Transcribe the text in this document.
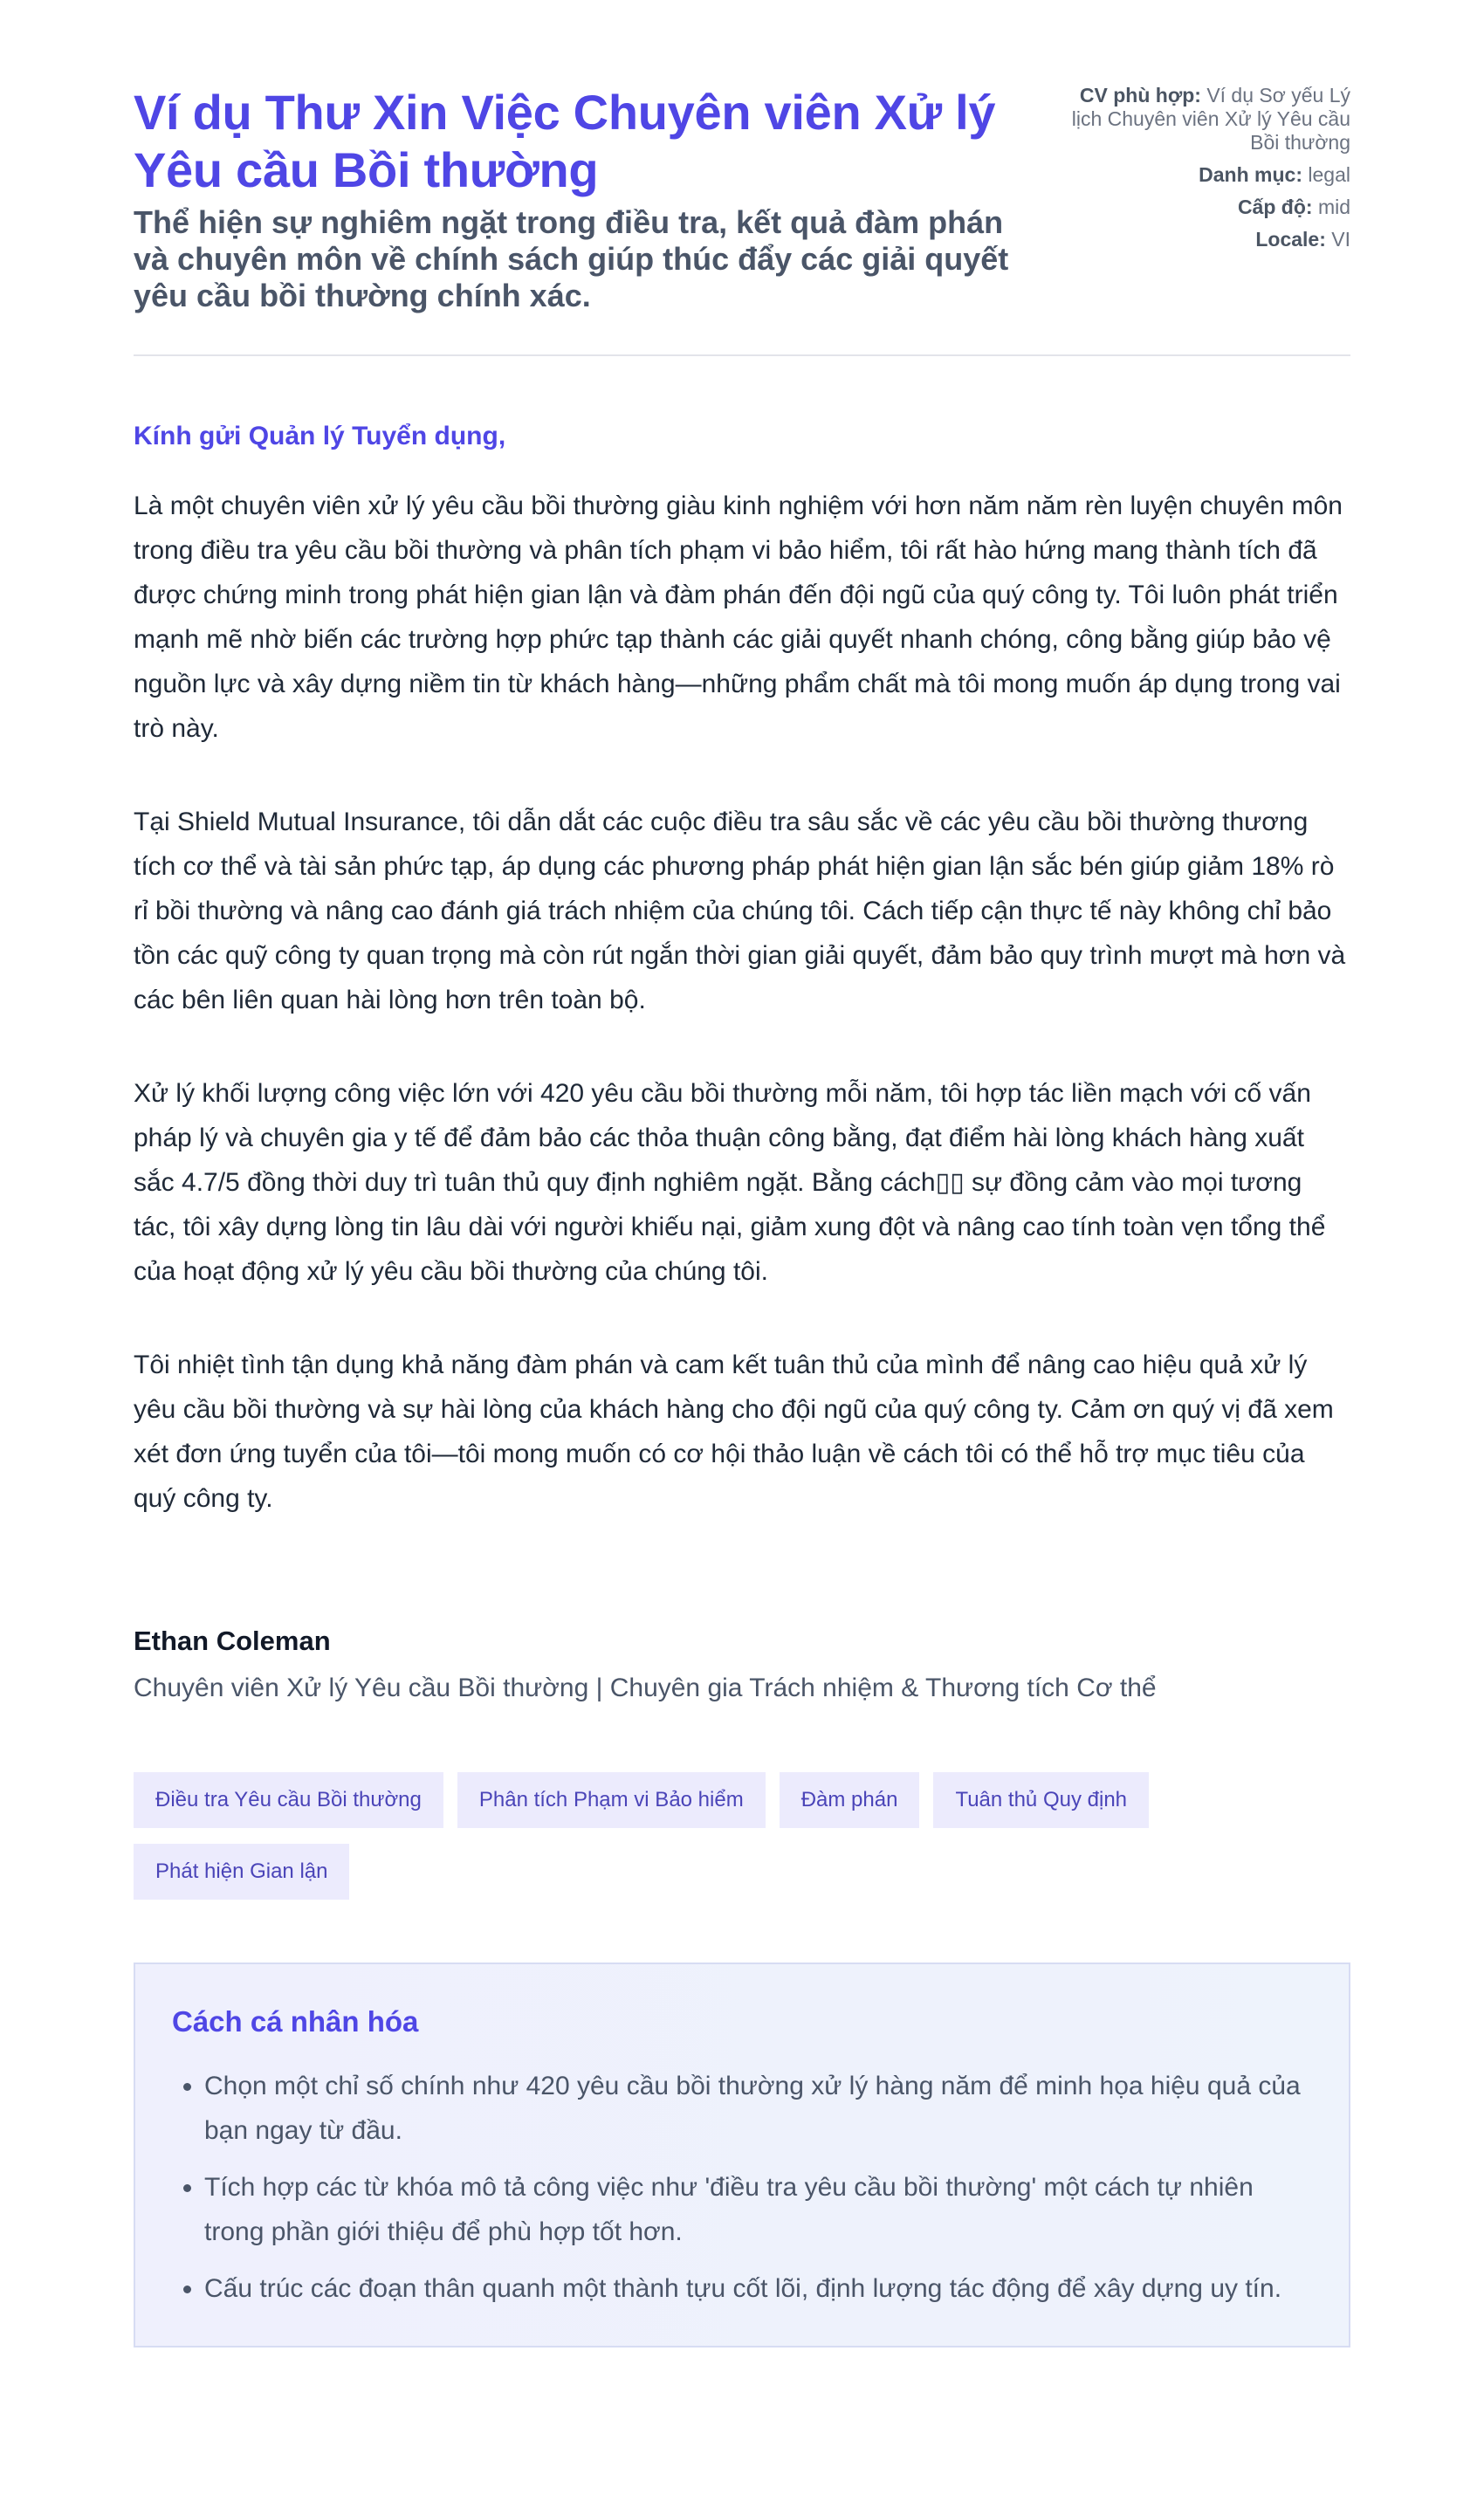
Ví dụ Thư Xin Việc Chuyên viên Xử lý Yêu cầu Bồi thường
Thể hiện sự nghiêm ngặt trong điều tra, kết quả đàm phán và chuyên môn về chính sách giúp thúc đẩy các giải quyết yêu cầu bồi thường chính xác.
CV phù hợp: Ví dụ Sơ yếu Lý lịch Chuyên viên Xử lý Yêu cầu Bồi thường
Danh mục: legal
Cấp độ: mid
Locale: VI

Kính gửi Quản lý Tuyển dụng,

Là một chuyên viên xử lý yêu cầu bồi thường giàu kinh nghiệm với hơn năm năm rèn luyện chuyên môn trong điều tra yêu cầu bồi thường và phân tích phạm vi bảo hiểm, tôi rất hào hứng mang thành tích đã được chứng minh trong phát hiện gian lận và đàm phán đến đội ngũ của quý công ty. Tôi luôn phát triển mạnh mẽ nhờ biến các trường hợp phức tạp thành các giải quyết nhanh chóng, công bằng giúp bảo vệ nguồn lực và xây dựng niềm tin từ khách hàng—những phẩm chất mà tôi mong muốn áp dụng trong vai trò này.

Tại Shield Mutual Insurance, tôi dẫn dắt các cuộc điều tra sâu sắc về các yêu cầu bồi thường thương tích cơ thể và tài sản phức tạp, áp dụng các phương pháp phát hiện gian lận sắc bén giúp giảm 18% rò rỉ bồi thường và nâng cao đánh giá trách nhiệm của chúng tôi. Cách tiếp cận thực tế này không chỉ bảo tồn các quỹ công ty quan trọng mà còn rút ngắn thời gian giải quyết, đảm bảo quy trình mượt mà hơn và các bên liên quan hài lòng hơn trên toàn bộ.

Xử lý khối lượng công việc lớn với 420 yêu cầu bồi thường mỗi năm, tôi hợp tác liền mạch với cố vấn pháp lý và chuyên gia y tế để đảm bảo các thỏa thuận công bằng, đạt điểm hài lòng khách hàng xuất sắc 4.7/5 đồng thời duy trì tuân thủ quy định nghiêm ngặt. Bằng cách▯▯ sự đồng cảm vào mọi tương tác, tôi xây dựng lòng tin lâu dài với người khiếu nại, giảm xung đột và nâng cao tính toàn vẹn tổng thể của hoạt động xử lý yêu cầu bồi thường của chúng tôi.

Tôi nhiệt tình tận dụng khả năng đàm phán và cam kết tuân thủ của mình để nâng cao hiệu quả xử lý yêu cầu bồi thường và sự hài lòng của khách hàng cho đội ngũ của quý công ty. Cảm ơn quý vị đã xem xét đơn ứng tuyển của tôi—tôi mong muốn có cơ hội thảo luận về cách tôi có thể hỗ trợ mục tiêu của quý công ty.

Ethan Coleman

Chuyên viên Xử lý Yêu cầu Bồi thường | Chuyên gia Trách nhiệm & Thương tích Cơ thể

Điều tra Yêu cầu Bồi thường	Phân tích Phạm vi Bảo hiểm	Đàm phán	Tuân thủ Quy định
Phát hiện Gian lận
Cách cá nhân hóa
• Chọn một chỉ số chính như 420 yêu cầu bồi thường xử lý hàng năm để minh họa hiệu quả của bạn ngay từ đầu.
• Tích hợp các từ khóa mô tả công việc như 'điều tra yêu cầu bồi thường' một cách tự nhiên trong phần giới thiệu để phù hợp tốt hơn.
• Cấu trúc các đoạn thân quanh một thành tựu cốt lõi, định lượng tác động để xây dựng uy tín.
